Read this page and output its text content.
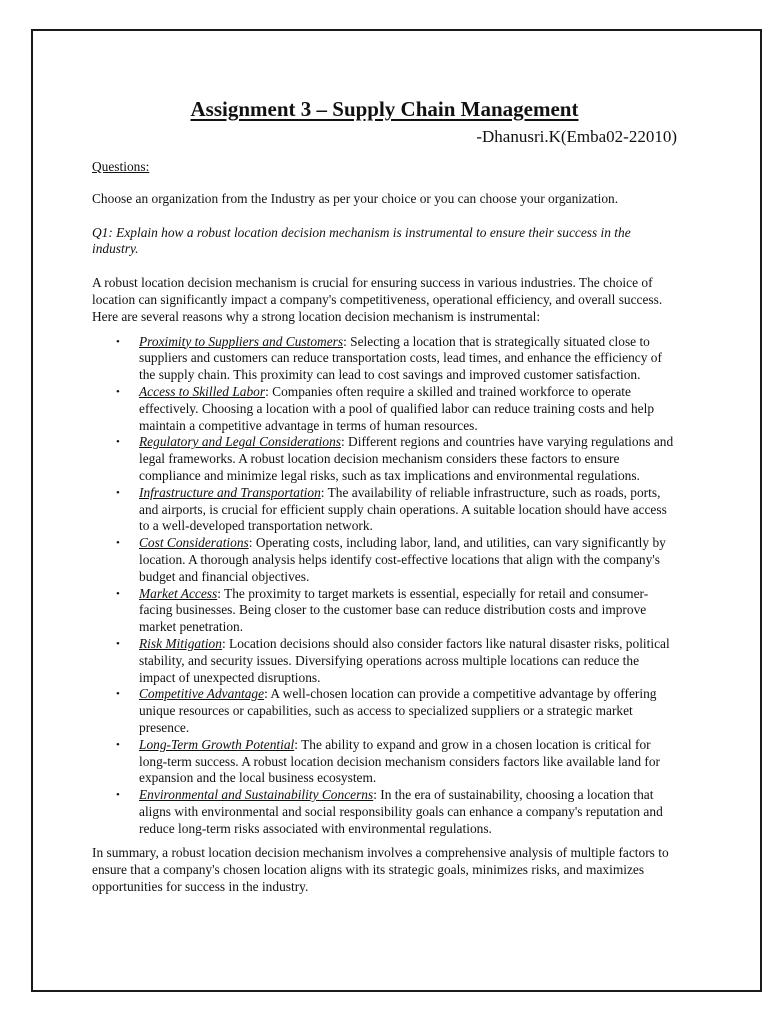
Assignment 3 – Supply Chain Management
-Dhanusri.K(Emba02-22010)
Questions:
Choose an organization from the Industry as per your choice or you can choose your organization.
Q1: Explain how a robust location decision mechanism is instrumental to ensure their success in the industry.
A robust location decision mechanism is crucial for ensuring success in various industries. The choice of location can significantly impact a company's competitiveness, operational efficiency, and overall success. Here are several reasons why a strong location decision mechanism is instrumental:
• Proximity to Suppliers and Customers: Selecting a location that is strategically situated close to suppliers and customers can reduce transportation costs, lead times, and enhance the efficiency of the supply chain. This proximity can lead to cost savings and improved customer satisfaction.
• Access to Skilled Labor: Companies often require a skilled and trained workforce to operate effectively. Choosing a location with a pool of qualified labor can reduce training costs and help maintain a competitive advantage in terms of human resources.
• Regulatory and Legal Considerations: Different regions and countries have varying regulations and legal frameworks. A robust location decision mechanism considers these factors to ensure compliance and minimize legal risks, such as tax implications and environmental regulations.
• Infrastructure and Transportation: The availability of reliable infrastructure, such as roads, ports, and airports, is crucial for efficient supply chain operations. A suitable location should have access to a well-developed transportation network.
• Cost Considerations: Operating costs, including labor, land, and utilities, can vary significantly by location. A thorough analysis helps identify cost-effective locations that align with the company's budget and financial objectives.
• Market Access: The proximity to target markets is essential, especially for retail and consumer-facing businesses. Being closer to the customer base can reduce distribution costs and improve market penetration.
• Risk Mitigation: Location decisions should also consider factors like natural disaster risks, political stability, and security issues. Diversifying operations across multiple locations can reduce the impact of unexpected disruptions.
• Competitive Advantage: A well-chosen location can provide a competitive advantage by offering unique resources or capabilities, such as access to specialized suppliers or a strategic market presence.
• Long-Term Growth Potential: The ability to expand and grow in a chosen location is critical for long-term success. A robust location decision mechanism considers factors like available land for expansion and the local business ecosystem.
• Environmental and Sustainability Concerns: In the era of sustainability, choosing a location that aligns with environmental and social responsibility goals can enhance a company's reputation and reduce long-term risks associated with environmental regulations.
In summary, a robust location decision mechanism involves a comprehensive analysis of multiple factors to ensure that a company's chosen location aligns with its strategic goals, minimizes risks, and maximizes opportunities for success in the industry.
